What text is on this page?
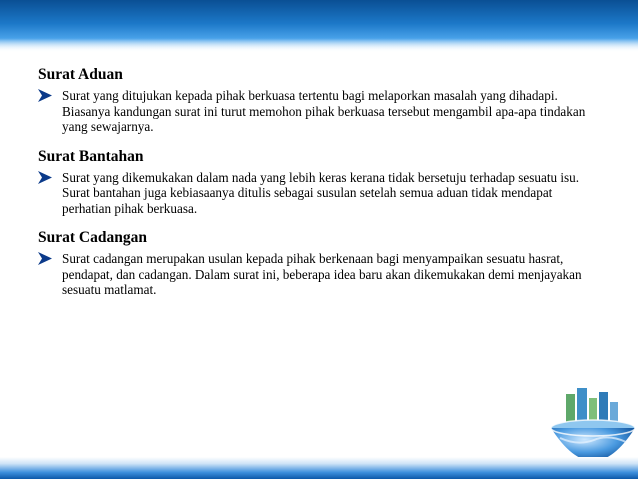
Surat Aduan
Surat yang ditujukan kepada pihak berkuasa tertentu bagi melaporkan masalah yang dihadapi. Biasanya kandungan surat ini turut memohon pihak berkuasa tersebut mengambil apa-apa tindakan yang sewajarnya.
Surat Bantahan
Surat yang dikemukakan dalam nada yang lebih keras kerana tidak bersetuju terhadap sesuatu isu. Surat bantahan juga kebiasaanya ditulis sebagai susulan setelah semua aduan tidak mendapat perhatian pihak berkuasa.
Surat Cadangan
Surat cadangan merupakan usulan kepada pihak berkenaan bagi menyampaikan sesuatu hasrat, pendapat, dan cadangan. Dalam surat ini, beberapa idea baru akan dikemukakan demi menjayakan sesuatu matlamat.
